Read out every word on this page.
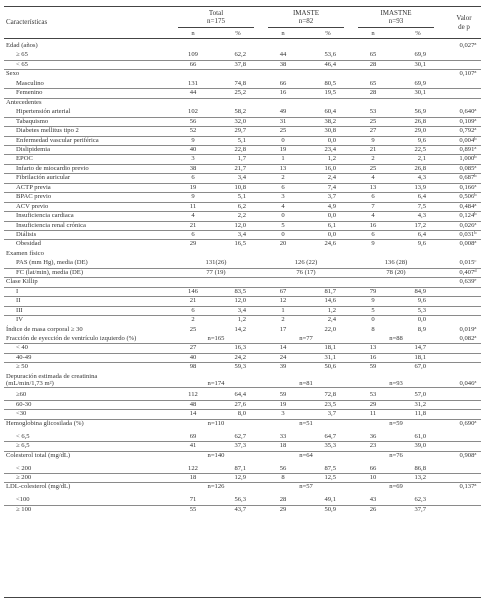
Características
Total
n=175
IMASTE
n=82
IMASTNE
n=93	Valor
de p
n	%	n	%	n	%
Edad (años)	0,027$^a$
≥ 65	109	62,2	44	53,6	65	69,9
< 65	66	37,8	38	46,4	28	30,1
Sexo	0,107$^a$
Masculino	131	74,8	66	80,5	65	69,9
Femenino	44	25,2	16	19,5	28	30,1
Antecedentes
Hipertensión arterial	102	58,2	49	60,4	53	56,9	0,640$^a$
Tabaquismo	56	32,0	31	38,2	25	26,8	0,109$^a$
Diabetes mellitus tipo 2	52	29,7	25	30,8	27	29,0	0,792$^a$
Enfermedad vascular periférica	9	5,1	0	0,0	9	9,6	0,004$^b$
Dislipidemia	40	22,8	19	23,4	21	22,5	0,891$^a$
EPOC	3	1,7	1	1,2	2	2,1	1,000$^b$
Infarto de miocardio previo	38	21,7	13	16,0	25	26,8	0,085$^a$
Fibrilación auricular	6	3,4	2	2,4	4	4,3	0,687$^b$
ACTP previa	19	10,8	6	7,4	13	13,9	0,166$^a$
BPAC previo	9	5,1	3	3,7	6	6,4	0,506$^b$
ACV previo	11	6,2	4	4,9	7	7,5	0,484$^a$
Insuficiencia cardiaca	4	2,2	0	0,0	4	4,3	0,124$^b$
Insuficiencia renal crónica	21	12,0	5	6,1	16	17,2	0,026$^a$
Diálisis	6	3,4	0	0,0	6	6,4	0,031$^b$
Obesidad	29	16,5	20	24,6	9	9,6	0,008$^a$
Examen físico
PAS (mm Hg), media (DE)	131(26)	126 (22)	136 (28)	0,015$^c$
FC (lat/min), media (DE)	77 (19)	76 (17)	78 (20)	0,407$^d$
Clase Killip	0,639e
I	146	83,5	67	81,7	79	84,9
II	21	12,0	12	14,6	9	9,6
III	6	3,4	1	1,2	5	5,3
IV	2	1,2	2	2,4	0	0,0
Índice de masa corporal ≥ 30	25	14,2	17	22,0	8	8,9	0,019$^a$
Fracción de eyección de ventrículo izquierdo (%)	n=165	n=77	n=88	0,082$^a$
< 40	27	16,3	14	18,1	13	14,7
40-49	40	24,2	24	31,1	16	18,1
≥ 50	98	59,3	39	50,6	59	67,0
Depuración estimada de creatinina
(mL/min/1,73 m²)	n=174	n=81	n=93	0,046$^a$
≥60	112	64,4	59	72,8	53	57,0
60-30	48	27,6	19	23,5	29	31,2
<30	14	8,0	3	3,7	11	11,8
Hemoglobina glicosilada (%)	n=110	n=51	n=59	0,690$^a$
< 6,5	69	62,7	33	64,7	36	61,0
≥ 6,5	41	37,3	18	35,3	23	39,0
Colesterol total (mg/dL)	n=140	n=64	n=76	0,908$^a$
< 200	122	87,1	56	87,5	66	86,8
≥ 200	18	12,9	8	12,5	10	13,2
LDL-colesterol (mg/dL)	n=126	n=57	n=69	0,137$^a$
<100	71	56,3	28	49,1	43	62,3
≥ 100	55	43,7	29	50,9	26	37,7
